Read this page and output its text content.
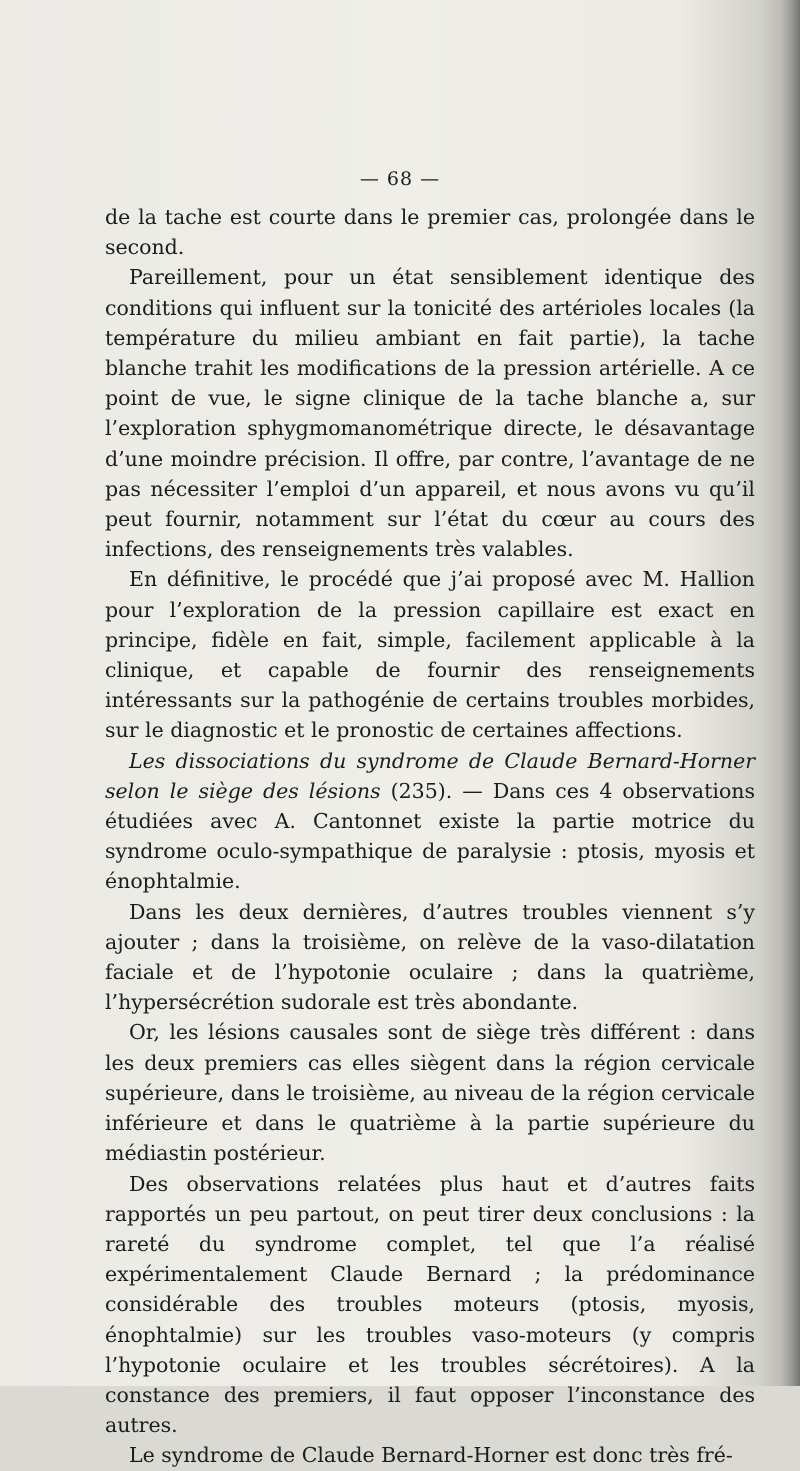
— 68 —

de la tache est courte dans le premier cas, prolongée dans le second.

Pareillement, pour un état sensiblement identique des conditions qui influent sur la tonicité des artérioles locales (la température du milieu ambiant en fait partie), la tache blanche trahit les modifications de la pression artérielle. A ce point de vue, le signe clinique de la tache blanche a, sur l’exploration sphygmomanométrique directe, le désavantage d’une moindre précision. Il offre, par contre, l’avantage de ne pas nécessiter l’emploi d’un appareil, et nous avons vu qu’il peut fournir, notamment sur l’état du cœur au cours des infections, des renseignements très valables.

En définitive, le procédé que j’ai proposé avec M. Hallion pour l’exploration de la pression capillaire est exact en principe, fidèle en fait, simple, facilement applicable à la clinique, et capable de fournir des renseignements intéressants sur la pathogénie de certains troubles morbides, sur le diagnostic et le pronostic de certaines affections.

Les dissociations du syndrome de Claude Bernard-Horner selon le siège des lésions (235). — Dans ces 4 observations étudiées avec A. Cantonnet existe la partie motrice du syndrome oculo-sympathique de paralysie : ptosis, myosis et énophtalmie.

Dans les deux dernières, d’autres troubles viennent s’y ajouter ; dans la troisième, on relève de la vaso-dilatation faciale et de l’hypotonie oculaire ; dans la quatrième, l’hypersécrétion sudorale est très abondante.

Or, les lésions causales sont de siège très différent : dans les deux premiers cas elles siègent dans la région cervicale supérieure, dans le troisième, au niveau de la région cervicale inférieure et dans le quatrième à la partie supérieure du médiastin postérieur.

Des observations relatées plus haut et d’autres faits rapportés un peu partout, on peut tirer deux conclusions : la rareté du syndrome complet, tel que l’a réalisé expérimentalement Claude Bernard ; la prédominance considérable des troubles moteurs (ptosis, myosis, énophtalmie) sur les troubles vaso-moteurs (y compris l’hypotonie oculaire et les troubles sécrétoires). A la constance des premiers, il faut opposer l’inconstance des autres.

Le syndrome de Claude Bernard-Horner est donc très fré-
